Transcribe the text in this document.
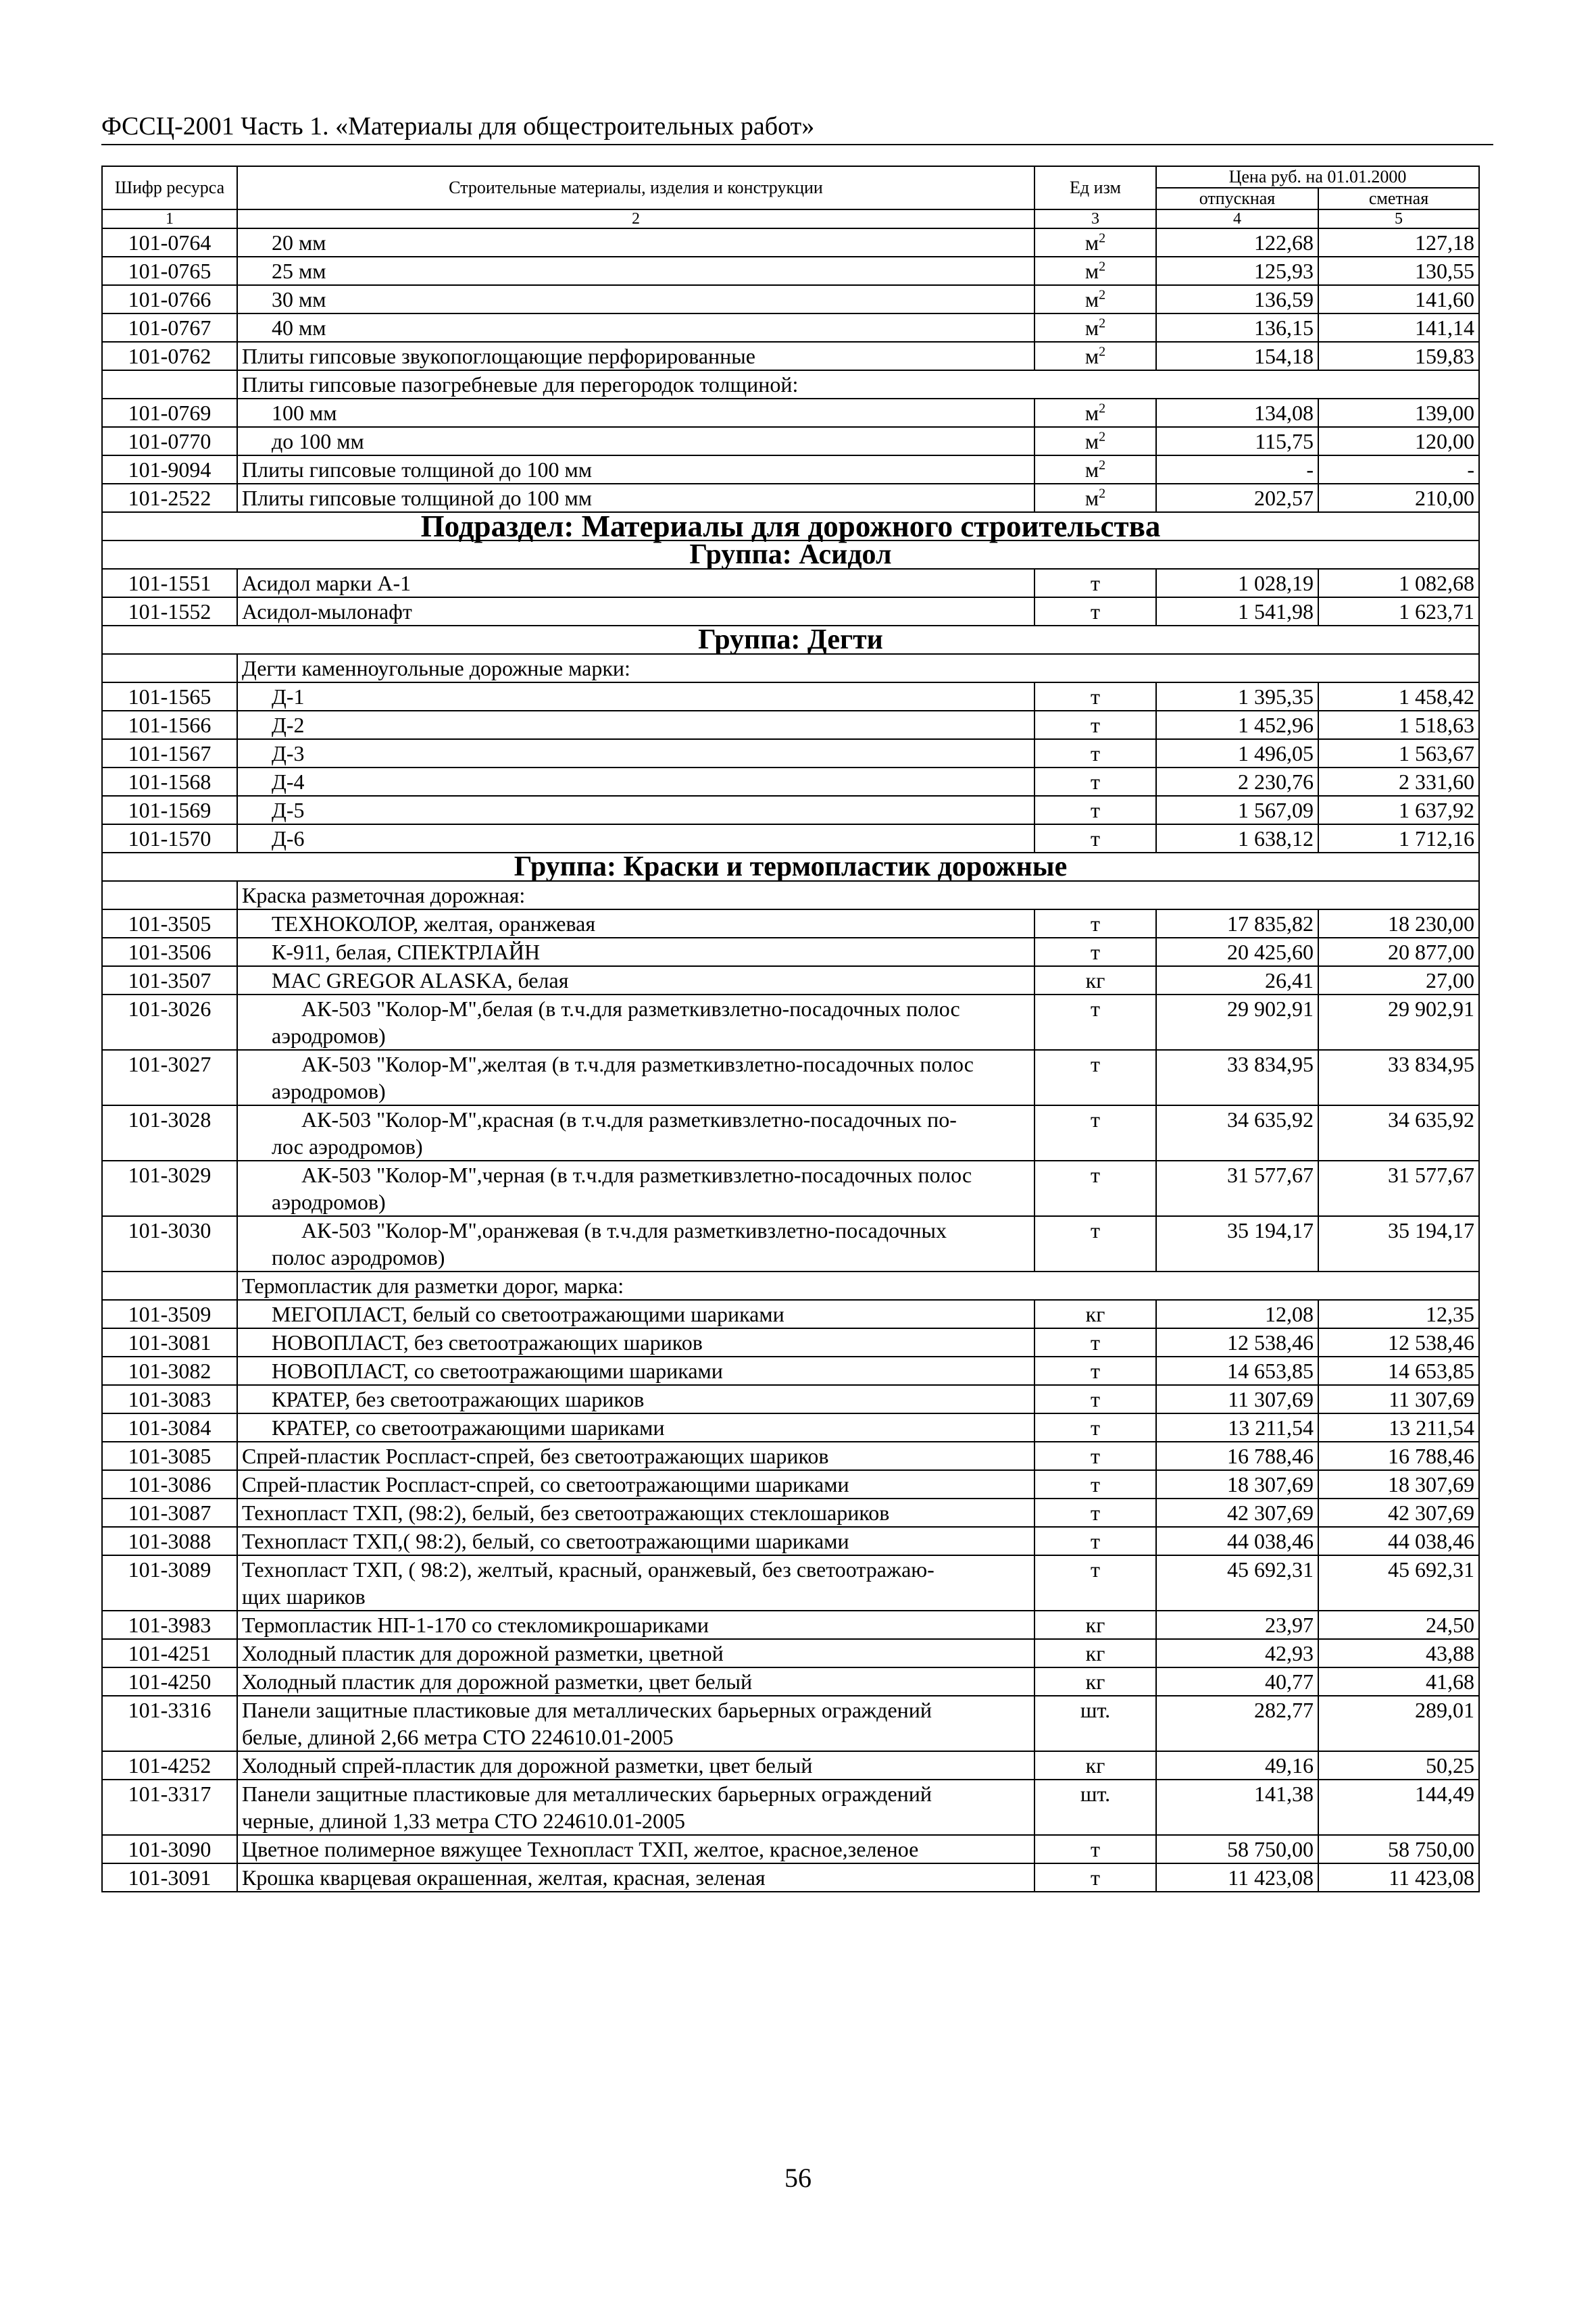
ФССЦ-2001 Часть 1. «Материалы для общестроительных работ»
Шифр ресурса	Строительные материалы, изделия и конструкции	Ед изм	Цена руб. на 01.01.2000	
			отпускная	сметная
1	2	3	4	5
101-0764	20 мм	$м^2$	122,68	127,18
101-0765	25 мм	$м^2$	125,93	130,55
101-0766	30 мм	$м^2$	136,59	141,60
101-0767	40 мм	$м^2$	136,15	141,14
101-0762	Плиты гипсовые звукопоглощающие перфорированные	$м^2$	154,18	159,83
	Плиты гипсовые пазогребневые для перегородок толщиной:			
101-0769	100 мм	$м^2$	134,08	139,00
101-0770	до 100 мм	$м^2$	115,75	120,00
101-9094	Плиты гипсовые толщиной до 100 мм	$м^2$	-	-
101-2522	Плиты гипсовые толщиной до 100 мм	$м^2$	202,57	210,00
Подраздел: Материалы для дорожного строительства				
Группа: Асидол				
101-1551	Асидол марки А-1	т	1 028,19	1 082,68
101-1552	Асидол-мылонафт	т	1 541,98	1 623,71
Группа: Дегти				
	Дегти каменноугольные дорожные марки:			
101-1565	Д-1	т	1 395,35	1 458,42
101-1566	Д-2	т	1 452,96	1 518,63
101-1567	Д-3	т	1 496,05	1 563,67
101-1568	Д-4	т	2 230,76	2 331,60
101-1569	Д-5	т	1 567,09	1 637,92
101-1570	Д-6	т	1 638,12	1 712,16
Группа: Краски и термопластик дорожные				
	Краска разметочная дорожная:			
101-3505	ТЕХНОКОЛОР, желтая, оранжевая	т	17 835,82	18 230,00
101-3506	К-911, белая, СПЕКТРЛАЙН	т	20 425,60	20 877,00
101-3507	MAC GREGOR ALASKA, белая	кг	26,41	27,00
101-3026	АК-503 "Колор-М",белая (в т.ч.для разметкивзлетно-посадочных полос
аэродромов)	т	29 902,91	29 902,91
101-3027	АК-503 "Колор-М",желтая (в т.ч.для разметкивзлетно-посадочных полос
аэродромов)	т	33 834,95	33 834,95
101-3028	АК-503 "Колор-М",красная (в т.ч.для разметкивзлетно-посадочных по-
лос аэродромов)	т	34 635,92	34 635,92
101-3029	АК-503 "Колор-М",черная (в т.ч.для разметкивзлетно-посадочных полос
аэродромов)	т	31 577,67	31 577,67
101-3030	АК-503 "Колор-М",оранжевая (в т.ч.для разметкивзлетно-посадочных
полос аэродромов)	т	35 194,17	35 194,17
	Термопластик для разметки дорог, марка:			
101-3509	МЕГОПЛАСТ, белый со светоотражающими шариками	кг	12,08	12,35
101-3081	НОВОПЛАСТ, без светоотражающих шариков	т	12 538,46	12 538,46
101-3082	НОВОПЛАСТ, со светоотражающими шариками	т	14 653,85	14 653,85
101-3083	КРАТЕР, без светоотражающих шариков	т	11 307,69	11 307,69
101-3084	КРАТЕР, со светоотражающими шариками	т	13 211,54	13 211,54
101-3085	Спрей-пластик Роспласт-спрей, без светоотражающих шариков	т	16 788,46	16 788,46
101-3086	Спрей-пластик Роспласт-спрей, со светоотражающими шариками	т	18 307,69	18 307,69
101-3087	Технопласт ТХП, (98:2), белый, без светоотражающих стеклошариков	т	42 307,69	42 307,69
101-3088	Технопласт ТХП,( 98:2), белый, со светоотражающими шариками	т	44 038,46	44 038,46
101-3089	Технопласт ТХП, ( 98:2), желтый, красный, оранжевый, без светоотражаю-
щих шариков	т	45 692,31	45 692,31
101-3983	Термопластик НП-1-170 со стекломикрошариками	кг	23,97	24,50
101-4251	Холодный пластик для дорожной разметки, цветной	кг	42,93	43,88
101-4250	Холодный пластик для дорожной разметки, цвет белый	кг	40,77	41,68
101-3316	Панели защитные пластиковые для металлических барьерных ограждений
белые, длиной 2,66 метра СТО 224610.01-2005	шт.	282,77	289,01
101-4252	Холодный спрей-пластик для дорожной разметки, цвет белый	кг	49,16	50,25
101-3317	Панели защитные пластиковые для металлических барьерных ограждений
черные, длиной 1,33 метра СТО 224610.01-2005	шт.	141,38	144,49
101-3090	Цветное полимерное вяжущее Технопласт ТХП, желтое, красное,зеленое	т	58 750,00	58 750,00
101-3091	Крошка кварцевая окрашенная, желтая, красная, зеленая	т	11 423,08	11 423,08
56
